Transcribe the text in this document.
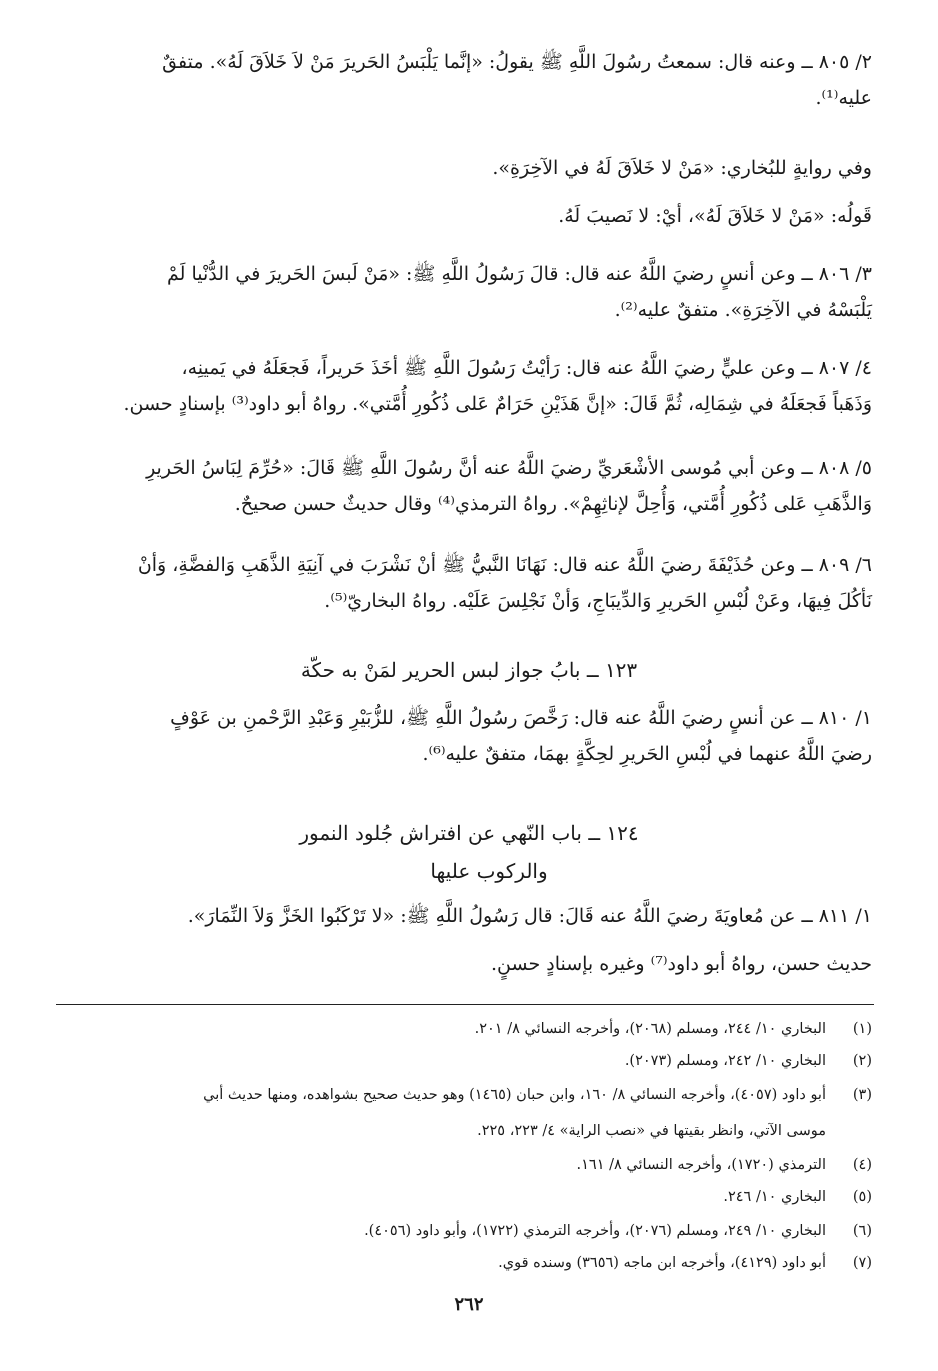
٢/ ٨٠٥ ــ وعنه قال: سمعتُ رسُولَ اللَّهِ ﷺ يقولُ: «إنَّما يَلْبَسُ الحَريرَ مَنْ لاَ خَلاَقَ لَهُ». متفقٌ
عليه⁽¹⁾.
وفي روايةٍ للبُخاري: «مَنْ لا خَلاَقَ لَهُ في الآخِرَةِ».
قَولُه: «مَنْ لا خَلاَقَ لَهُ»، أيْ: لا نَصيبَ لَهُ.
٣/ ٨٠٦ ــ وعن أنسٍ رضيَ اللَّهُ عنه قال: قالَ رَسُولُ اللَّهِ ﷺ: «مَنْ لَبسَ الحَريرَ في الدُّنْيا لَمْ
يَلْبَسْهُ في الآخِرَةِ». متفقٌ عليه⁽²⁾.
٤/ ٨٠٧ ــ وعن عليٍّ رضيَ اللَّهُ عنه قال: رَأيْتُ رَسُولَ اللَّهِ ﷺ أخَذَ حَريراً، فَجعَلَهُ في يَمينِه،
وَذَهَباً فَجعَلَهُ في شِمَالِه، ثُمَّ قَالَ: «إنَّ هَذَيْنِ حَرَامٌ عَلى ذُكُورِ أُمَّتي». رواهُ أبو داود⁽³⁾ بإسنادٍ حسن.
٥/ ٨٠٨ ــ وعن أبي مُوسى الأشْعَريِّ رضيَ اللَّهُ عنه أنَّ رسُولَ اللَّهِ ﷺ قَالَ: «حُرِّمَ لِبَاسُ الحَريرِ
وَالذَّهَبِ عَلى ذُكُورِ أُمَّتي، وَأُحِلَّ لإناثِهِمْ». رواهُ الترمذي⁽⁴⁾ وقال حديثٌ حسن صحيحٌ.
٦/ ٨٠٩ ــ وعن حُذَيْفَةَ رضيَ اللَّهُ عنه قال: نَهَانَا النَّبيُّ ﷺ أنْ نَشْرَبَ في آنِيَةِ الذَّهَبِ وَالفضَّةِ، وَأنْ
نَأكُلَ فِيهَا، وعَنْ لُبْسِ الحَريرِ وَالدِّيبَاجِ، وَأنْ نَجْلِسَ عَلَيْه. رواهُ البخاريّ⁽⁵⁾.
١٢٣ ــ بابُ جواز لبس الحرير لمَنْ به حكّة
١/ ٨١٠ ــ عن أنسٍ رضيَ اللَّهُ عنه قال: رَخَّصَ رسُولُ اللَّهِ ﷺ، للزُّبَيْرِ وَعَبْدِ الرَّحْمنِ بن عَوْفٍ
رضيَ اللَّهُ عنهما في لُبْسِ الحَريرِ لحِكَّةٍ بهمَا، متفقٌ عليه⁽⁶⁾.
١٢٤ ــ باب النّهي عن افتراش جُلود النمور
والركوب عليها
١/ ٨١١ ــ عن مُعاويَةَ رضيَ اللَّهُ عنه قَالَ: قال رَسُولُ اللَّهِ ﷺ: «لا تَرْكَبُوا الخَزَّ وَلاَ النِّمَارَ».
حديث حسن، رواهُ أبو داود⁽⁷⁾ وغيره بإسنادٍ حسنٍ.
(١)البخاري ١٠/ ٢٤٤، ومسلم (٢٠٦٨)، وأخرجه النسائي ٨/ ٢٠١.
(٢)البخاري ١٠/ ٢٤٢، ومسلم (٢٠٧٣).
(٣)أبو داود (٤٠٥٧)، وأخرجه النسائي ٨/ ١٦٠، وابن حبان (١٤٦٥) وهو حديث صحيح بشواهده، ومنها حديث أبي
موسى الآتي، وانظر بقيتها في «نصب الراية» ٤/ ٢٢٣، ٢٢٥.
(٤)الترمذي (١٧٢٠)، وأخرجه النسائي ٨/ ١٦١.
(٥)البخاري ١٠/ ٢٤٦.
(٦)البخاري ١٠/ ٢٤٩، ومسلم (٢٠٧٦)، وأخرجه الترمذي (١٧٢٢)، وأبو داود (٤٠٥٦).
(٧)أبو داود (٤١٢٩)، وأخرجه ابن ماجه (٣٦٥٦) وسنده قوي.
٢٦٢
